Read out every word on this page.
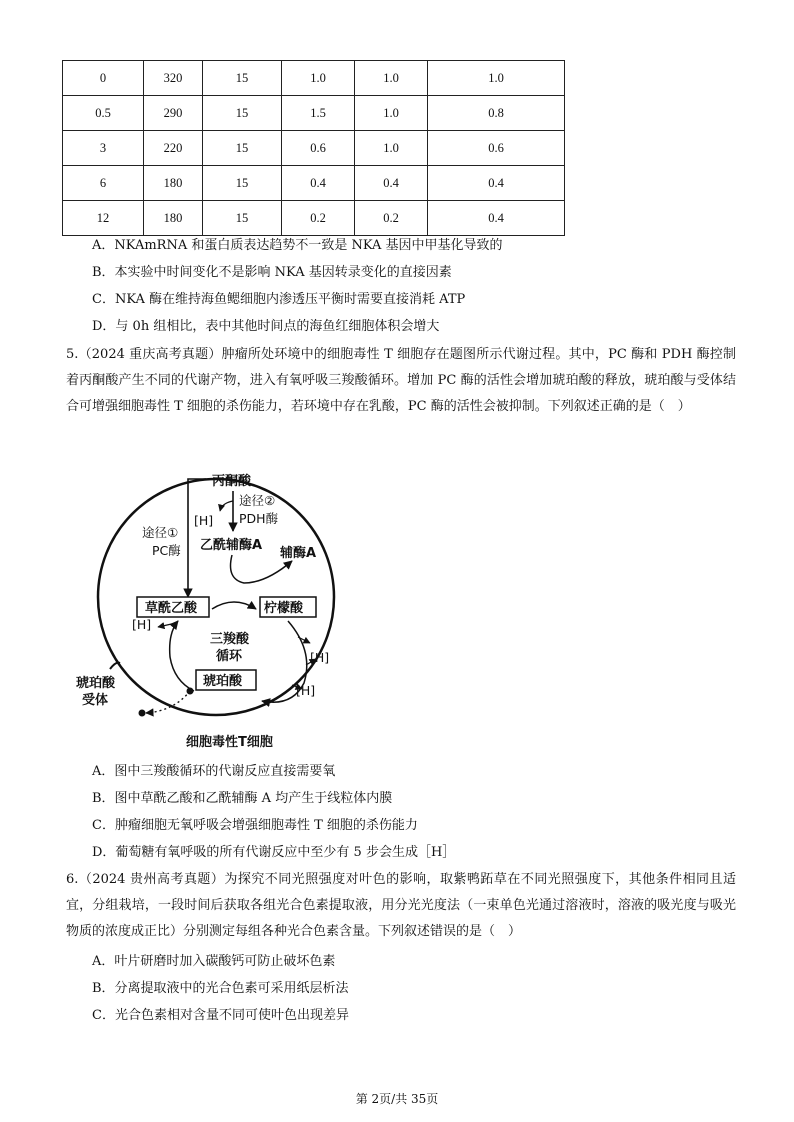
0	320	15	1.0	1.0	1.0
0.5	290	15	1.5	1.0	0.8
3	220	15	0.6	1.0	0.6
6	180	15	0.4	0.4	0.4
12	180	15	0.2	0.2	0.4
A．NKAmRNA 和蛋白质表达趋势不一致是 NKA 基因中甲基化导致的
B．本实验中时间变化不是影响 NKA 基因转录变化的直接因素
C．NKA 酶在维持海鱼鳃细胞内渗透压平衡时需要直接消耗 ATP
D．与 0h 组相比，表中其他时间点的海鱼红细胞体积会增大
5.（2024 重庆高考真题）肿瘤所处环境中的细胞毒性 T 细胞存在题图所示代谢过程。其中，PC 酶和 PDH 酶控制着丙酮酸产生不同的代谢产物，进入有氧呼吸三羧酸循环。增加 PC 酶的活性会增加琥珀酸的释放，琥珀酸与受体结合可增强细胞毒性 T 细胞的杀伤能力，若环境中存在乳酸，PC 酶的活性会被抑制。下列叙述正确的是（　）
丙酮酸
途径①
PC酶
途径②
PDH酶
[H]
乙酰辅酶A
辅酶A
草酰乙酸	柠檬酸
三羧酸
循环
琥珀酸
[H]
[H]
[H]
琥珀酸
受体
细胞毒性T细胞
A．图中三羧酸循环的代谢反应直接需要氧
B．图中草酰乙酸和乙酰辅酶 A 均产生于线粒体内膜
C．肿瘤细胞无氧呼吸会增强细胞毒性 T 细胞的杀伤能力
D．葡萄糖有氧呼吸的所有代谢反应中至少有 5 步会生成［H］
6.（2024 贵州高考真题）为探究不同光照强度对叶色的影响，取紫鸭跖草在不同光照强度下，其他条件相同且适宜，分组栽培，一段时间后获取各组光合色素提取液，用分光光度法（一束单色光通过溶液时，溶液的吸光度与吸光物质的浓度成正比）分别测定每组各种光合色素含量。下列叙述错误的是（　）
A．叶片研磨时加入碳酸钙可防止破坏色素
B．分离提取液中的光合色素可采用纸层析法
C．光合色素相对含量不同可使叶色出现差异
第 2页/共 35页
